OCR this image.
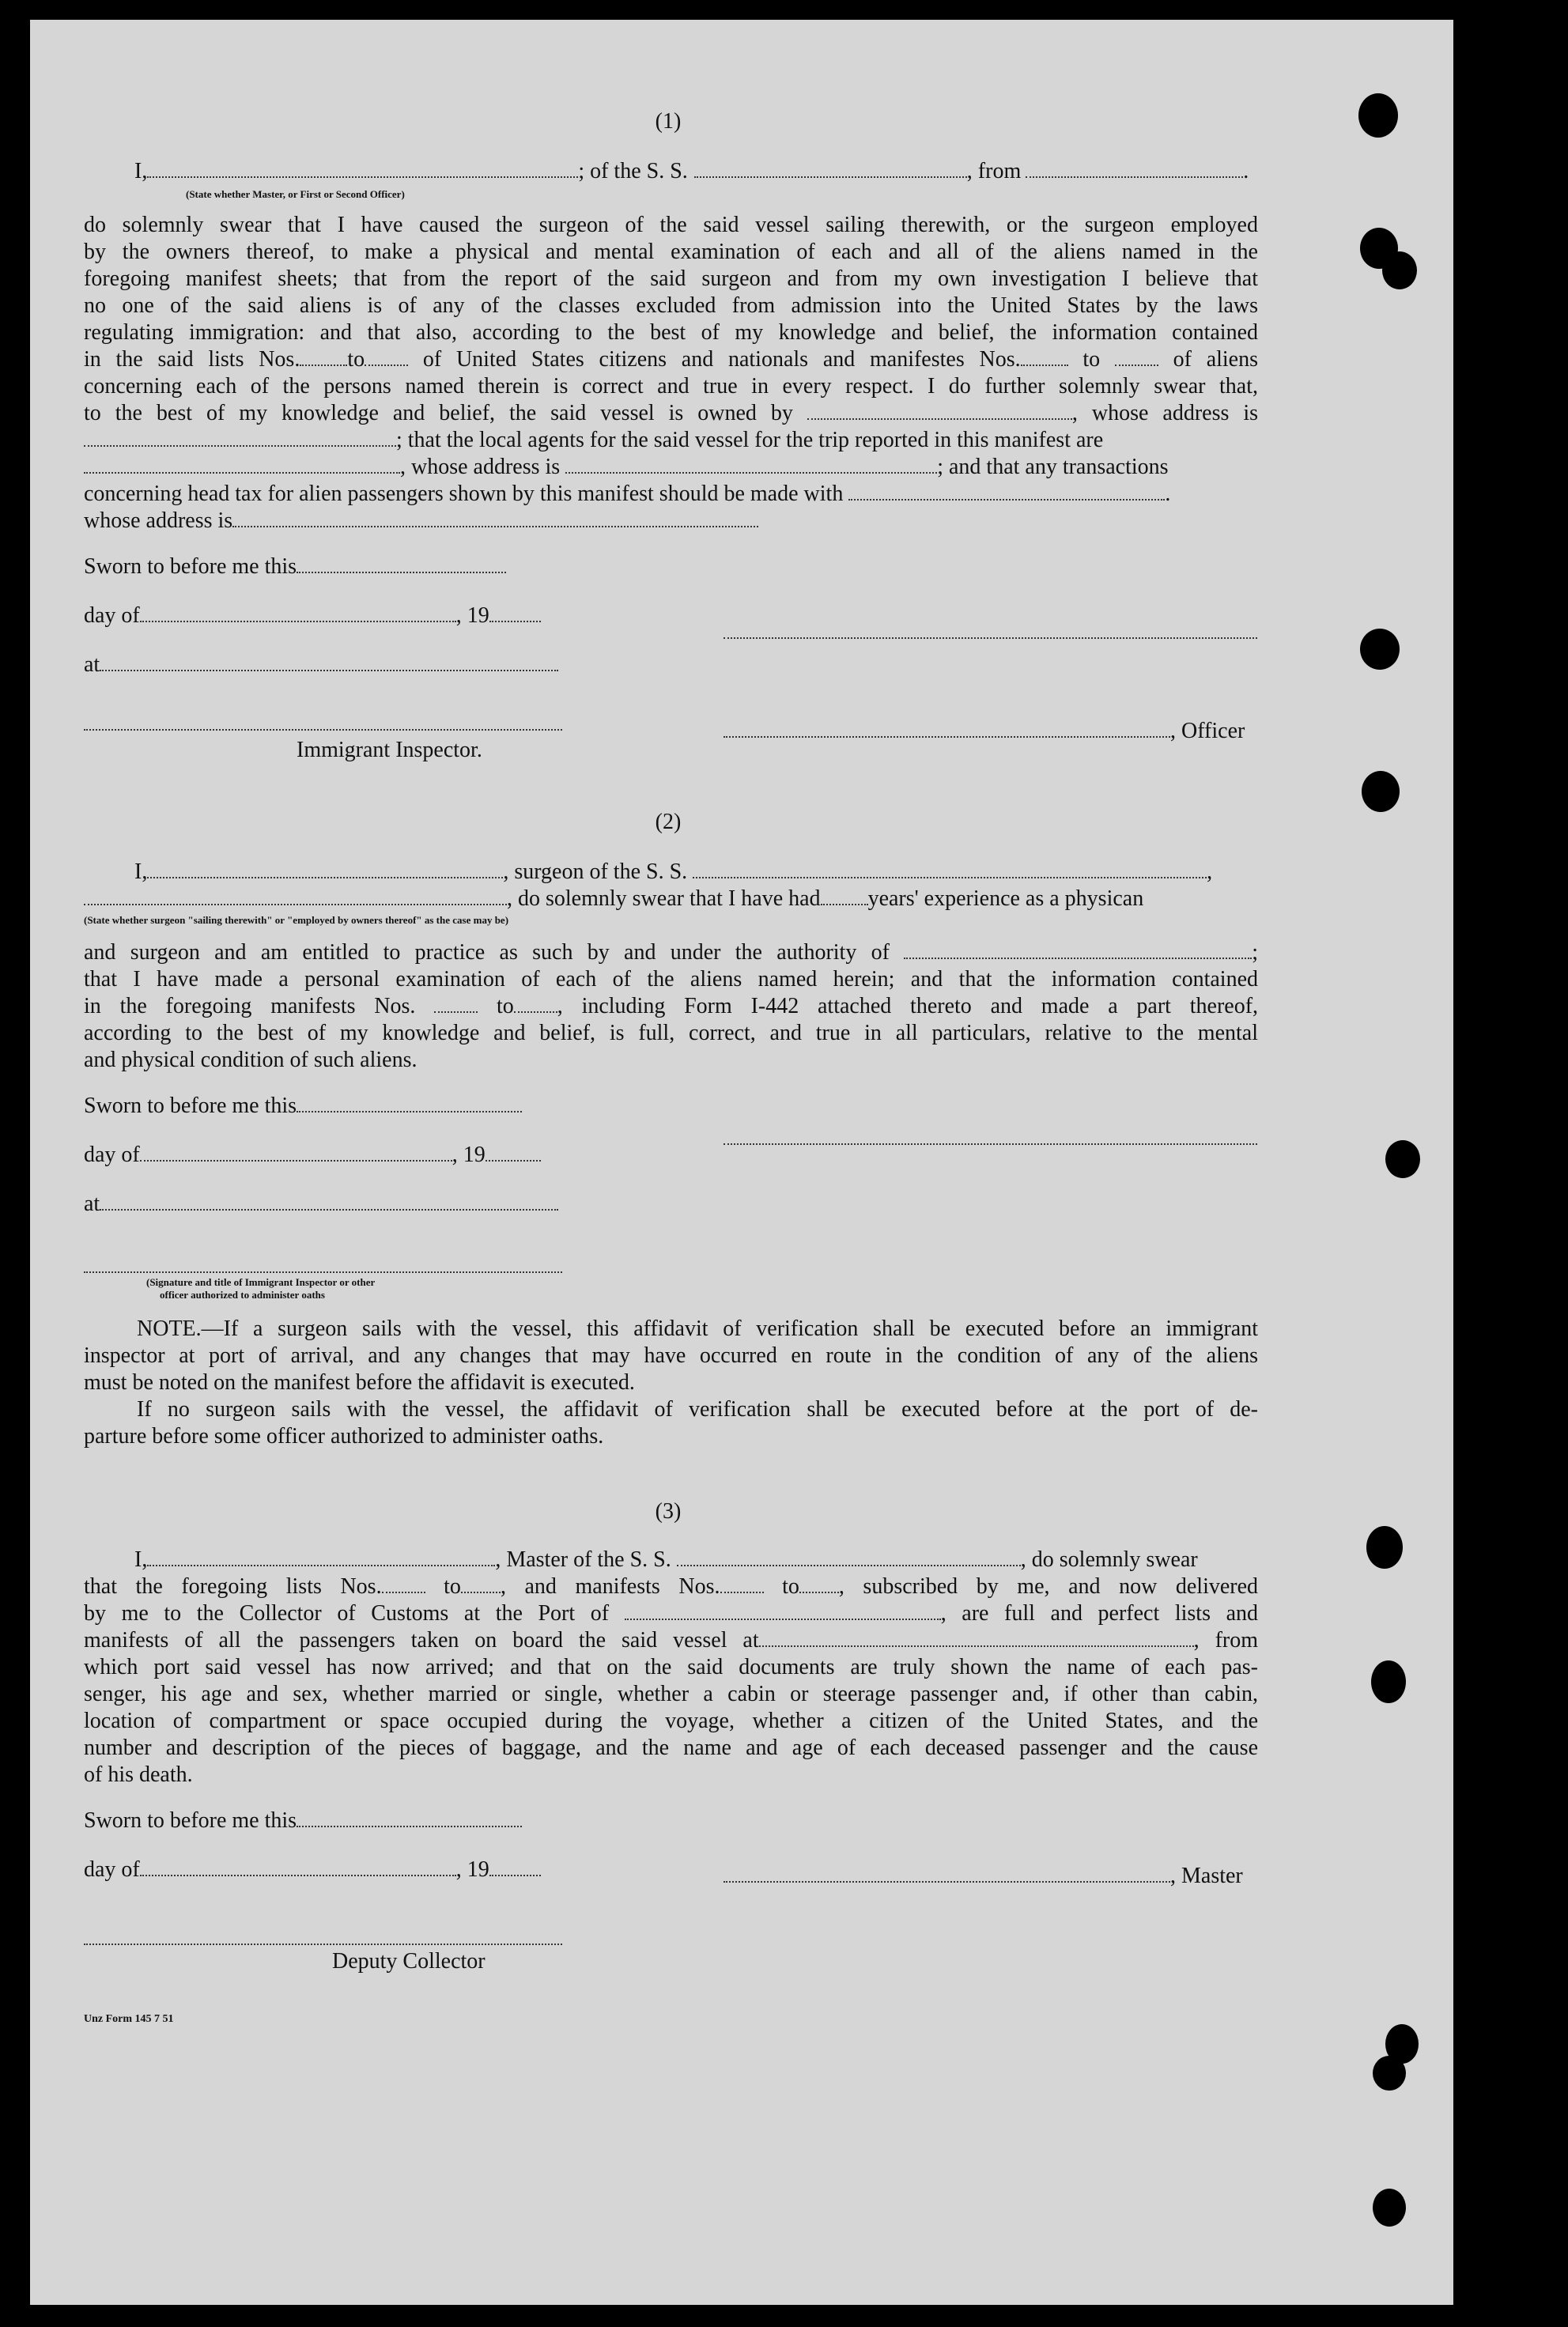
(1)
I,	; of the S. S.	, from	.
(State whether Master, or First or Second Officer)
do solemnly swear that I have caused the surgeon of the said vessel sailing therewith, or the surgeon employed
by the owners thereof, to make a physical and mental examination of each and all of the aliens named in the
foregoing manifest sheets; that from the report of the said surgeon and from my own investigation I believe that
no one of the said aliens is of any of the classes excluded from admission into the United States by the laws
regulating immigration: and that also, according to the best of my knowledge and belief, the information contained
in the said lists Nos. to	of United States citizens and nationals and manifestes Nos.	to	of aliens
concerning each of the persons named therein is correct and true in every respect. I do further solemnly swear that,
to the best of my knowledge and belief, the said vessel is owned by	, whose address is
; that the local agents for the said vessel for the trip reported in this manifest are
, whose address is	; and that any transactions
concerning head tax for alien passengers shown by this manifest should be made with	.
whose address is
Sworn to before me this
day of	, 19
at
, Officer
Immigrant Inspector.
(2)
I,	, surgeon of the S. S.	,
, do solemnly swear that I have had years' experience as a physican
(State whether surgeon "sailing therewith" or "employed by owners thereof" as the case may be)
and surgeon and am entitled to practice as such by and under the authority of	;
that I have made a personal examination of each of the aliens named herein; and that the information contained
in the foregoing manifests Nos.	to , including Form I-442 attached thereto and made a part thereof,
according to the best of my knowledge and belief, is full, correct, and true in all particulars, relative to the mental
and physical condition of such aliens.
Sworn to before me this
day of	, 19
at
(Signature and title of Immigrant Inspector or other
officer authorized to administer oaths
NOTE.—If a surgeon sails with the vessel, this affidavit of verification shall be executed before an immigrant
inspector at port of arrival, and any changes that may have occurred en route in the condition of any of the aliens
must be noted on the manifest before the affidavit is executed.
If no surgeon sails with the vessel, the affidavit of verification shall be executed before at the port of de-
parture before some officer authorized to administer oaths.
(3)
I,	, Master of the S. S.	, do solemnly swear
that the foregoing lists Nos.	to , and manifests Nos.	to , subscribed by me, and now delivered
by me to the Collector of Customs at the Port of	, are full and perfect lists and
manifests of all the passengers taken on board the said vessel at	, from
which port said vessel has now arrived; and that on the said documents are truly shown the name of each pas-
senger, his age and sex, whether married or single, whether a cabin or steerage passenger and, if other than cabin,
location of compartment or space occupied during the voyage, whether a citizen of the United States, and the
number and description of the pieces of baggage, and the name and age of each deceased passenger and the cause
of his death.
Sworn to before me this
day of	, 19	, Master
Deputy Collector
Unz Form 145 7 51
